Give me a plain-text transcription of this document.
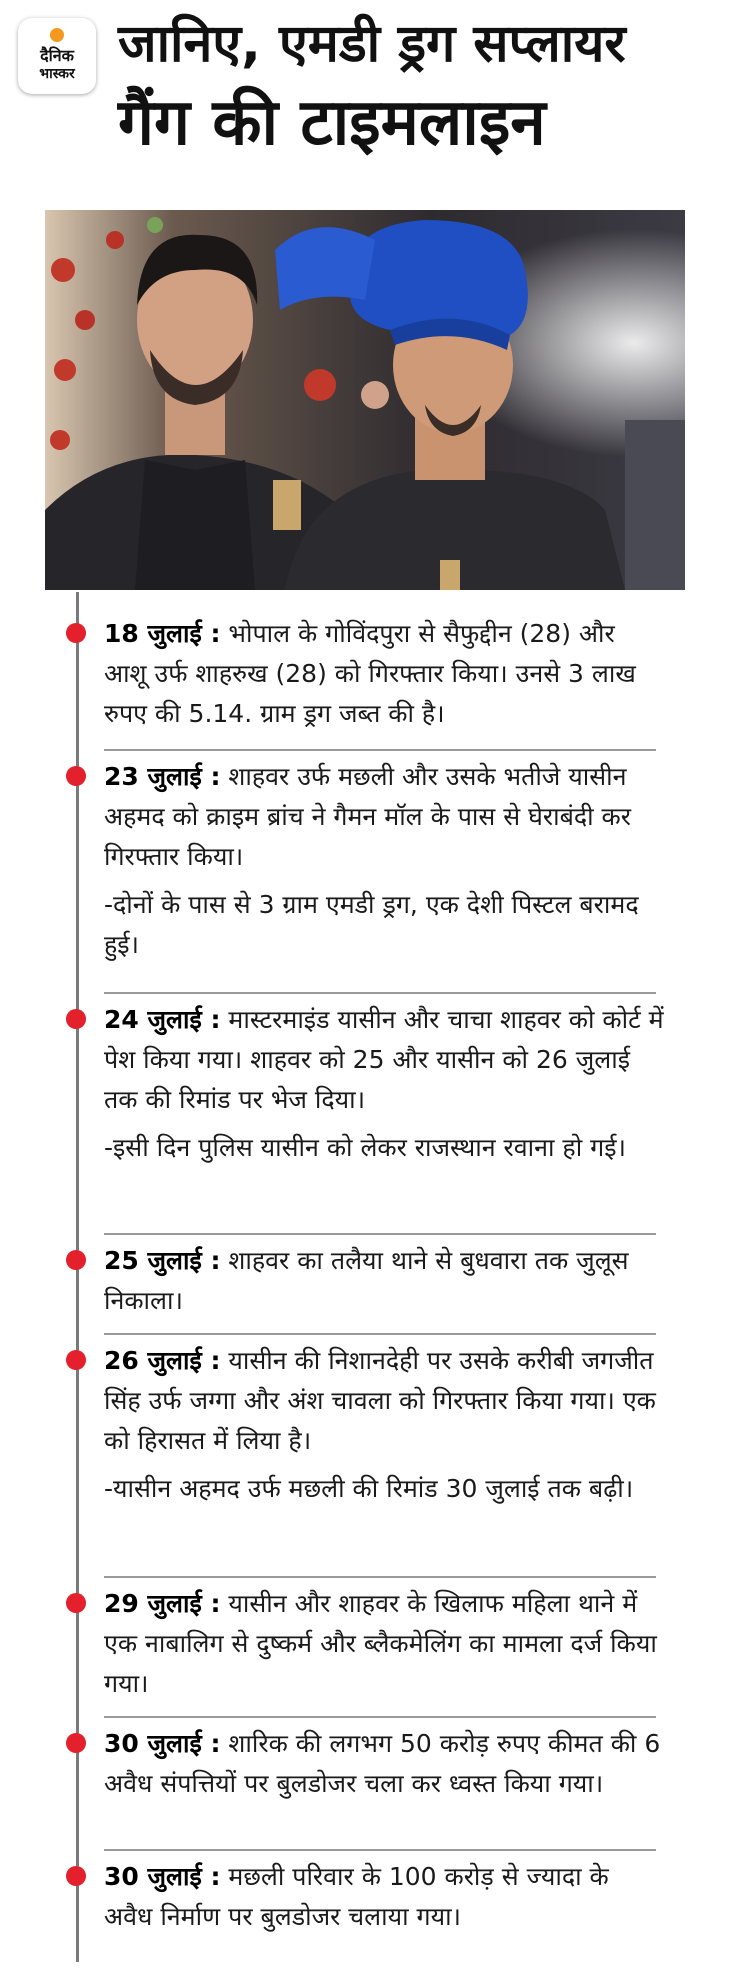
दैनिक
भास्कर जानिए, एमडी ड्रग सप्लायर
गैंग की टाइमलाइन

18 जुलाई : भोपाल के गोविंदपुरा से सैफुद्दीन (28) और आशू उर्फ शाहरुख (28) को गिरफ्तार किया। उनसे 3 लाख रुपए की 5.14. ग्राम ड्रग जब्त की है।

23 जुलाई : शाहवर उर्फ मछली और उसके भतीजे यासीन अहमद को क्राइम ब्रांच ने गैमन मॉल के पास से घेराबंदी कर गिरफ्तार किया।

-दोनों के पास से 3 ग्राम एमडी ड्रग, एक देशी पिस्टल बरामद हुई।

24 जुलाई : मास्टरमाइंड यासीन और चाचा शाहवर को कोर्ट में पेश किया गया। शाहवर को 25 और यासीन को 26 जुलाई तक की रिमांड पर भेज दिया।

-इसी दिन पुलिस यासीन को लेकर राजस्थान रवाना हो गई।

25 जुलाई : शाहवर का तलैया थाने से बुधवारा तक जुलूस निकाला।

26 जुलाई : यासीन की निशानदेही पर उसके करीबी जगजीत सिंह उर्फ जग्गा और अंश चावला को गिरफ्तार किया गया। एक को हिरासत में लिया है।

-यासीन अहमद उर्फ मछली की रिमांड 30 जुलाई तक बढ़ी।

29 जुलाई : यासीन और शाहवर के खिलाफ महिला थाने में एक नाबालिग से दुष्कर्म और ब्लैकमेलिंग का मामला दर्ज किया गया।

30 जुलाई : शारिक की लगभग 50 करोड़ रुपए कीमत की 6 अवैध संपत्तियों पर बुलडोजर चला कर ध्वस्त किया गया।

30 जुलाई : मछली परिवार के 100 करोड़ से ज्यादा के अवैध निर्माण पर बुलडोजर चलाया गया।
